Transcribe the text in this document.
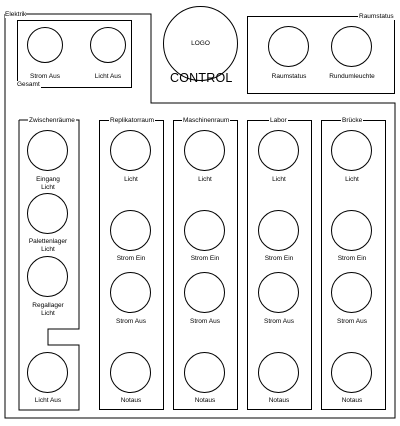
Elektrik
Gesamt
Strom Aus	Licht Aus
LOGO
CONTROL
Raumstatus
Raumstatus	Rundumleuchte
Zwischenräume
Eingang
Licht
Palettenlager
Licht
Regallager
Licht
Licht Aus
Replikatorraum
Licht
Strom Ein
Strom Aus
Notaus
Maschinenraum
Licht
Strom Ein
Strom Aus
Notaus
Labor
Licht
Strom Ein
Strom Aus
Notaus
Brücke
Licht
Strom Ein
Strom Aus
Notaus
